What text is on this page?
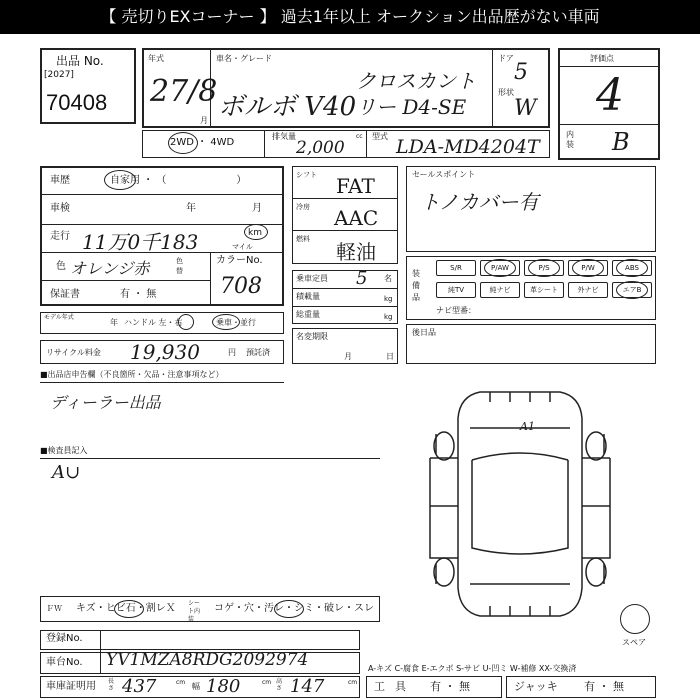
【 売切りEXコーナー 】 過去1年以上 オークション出品歴がない車両
出品 No.
[2027]
70408
年式
27/8
月
車名・グレード
ボルボ V40
クロスカントリー D4-SE
ドア
5
形状
W
評価点
4
内装 B
2WD ・ 4WD
排気量	cc
2,000
型式 LDA-MD4204T
車歴	自家用 ・ （　　　　　　　）
車検	年	月
走行 11万0千183	km
マイル
色 オレンジ赤	色替
カラーNo.
708
保証書	有 ・ 無
モデル年式
年 ハンドル 左・右	乗車・並行
リサイクル料金 19,930	円 預託済
シフト FAT
冷房 AAC
燃料
軽油
乗車定員 5 名
積載量	kg
総重量	kg
名変期限
月	日
セールスポイント
トノカバー有
装備品
S/R	P/AW	P/S	P/W	ABS
純TV	純ナビ	革シート	外ナビ	エアB
ナビ型番：
後日品
■出品店申告欄（不良箇所・欠品・注意事項など）
ディーラー出品
■検査員記入
A∪
A1
スペア
ＦＷ キズ・ヒビ石・割レＸ シート内装
コゲ・穴・汚レ・シミ・破レ・スレ
登録No.
車台No. YV1MZA8RDG2092974	A-キズ C-腐食 E-エクボ S-サビ U-凹ミ W-補修 XX-交換済
車庫証明用 長さ 437	cm 幅 180	cm 高さ 147	cm 工具 有 ・ 無	ジャッキ 有 ・ 無
